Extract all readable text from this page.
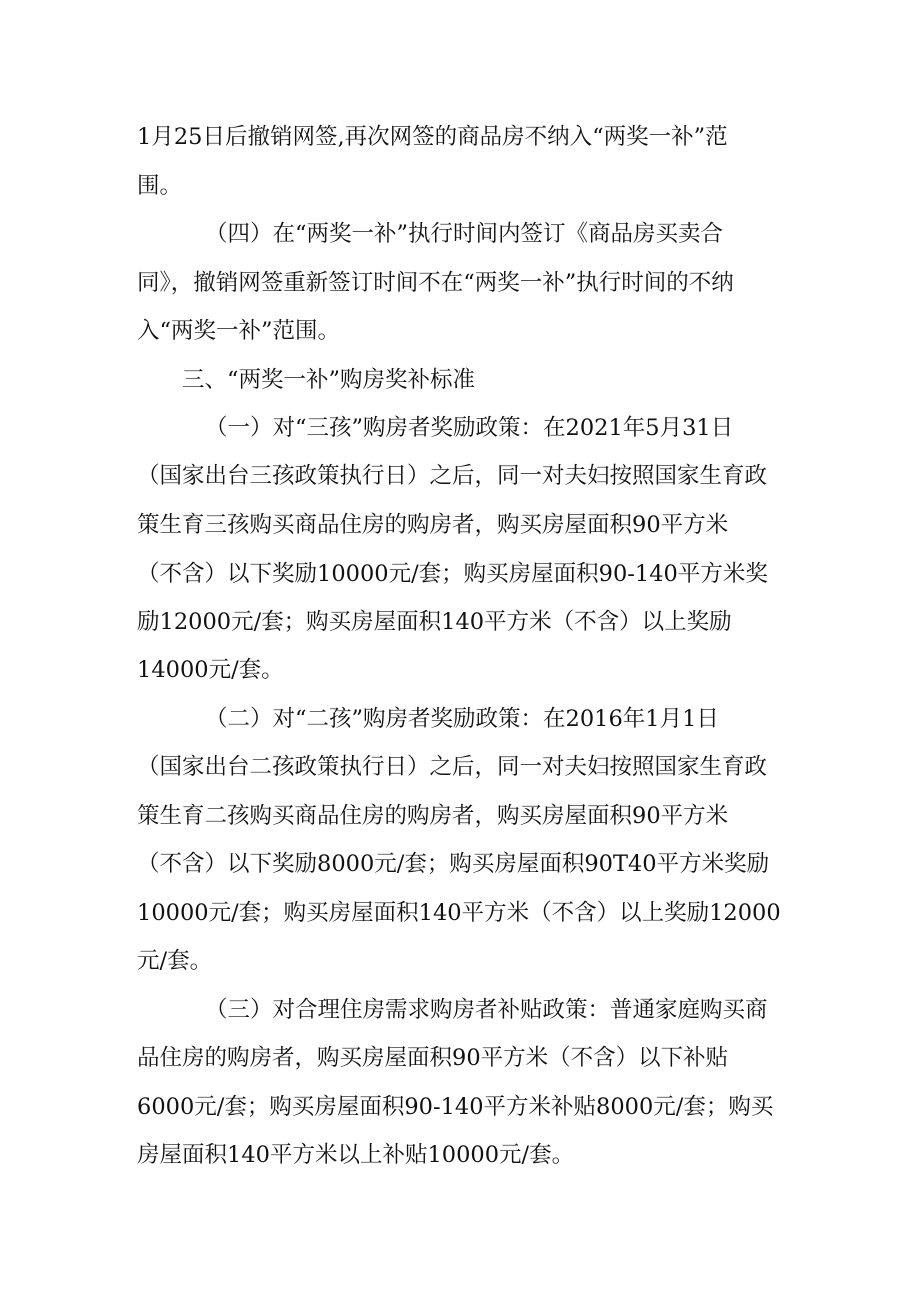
1月25日后撤销网签,再次网签的商品房不纳入“两奖一补”范
围。
（四）在“两奖一补”执行时间内签订《商品房买卖合
同》，撤销网签重新签订时间不在“两奖一补”执行时间的不纳
入“两奖一补”范围。
三、“两奖一补”购房奖补标准
（一）对“三孩”购房者奖励政策：在2021年5月31日
（国家出台三孩政策执行日）之后，同一对夫妇按照国家生育政
策生育三孩购买商品住房的购房者，购买房屋面积90平方米
（不含）以下奖励10000元/套；购买房屋面积90-140平方米奖
励12000元/套；购买房屋面积140平方米（不含）以上奖励
14000元/套。
（二）对“二孩”购房者奖励政策：在2016年1月1日
（国家出台二孩政策执行日）之后，同一对夫妇按照国家生育政
策生育二孩购买商品住房的购房者，购买房屋面积90平方米
（不含）以下奖励8000元/套；购买房屋面积90T40平方米奖励
10000元/套；购买房屋面积140平方米（不含）以上奖励12000
元/套。
（三）对合理住房需求购房者补贴政策：普通家庭购买商
品住房的购房者，购买房屋面积90平方米（不含）以下补贴
6000元/套；购买房屋面积90-140平方米补贴8000元/套；购买
房屋面积140平方米以上补贴10000元/套。
